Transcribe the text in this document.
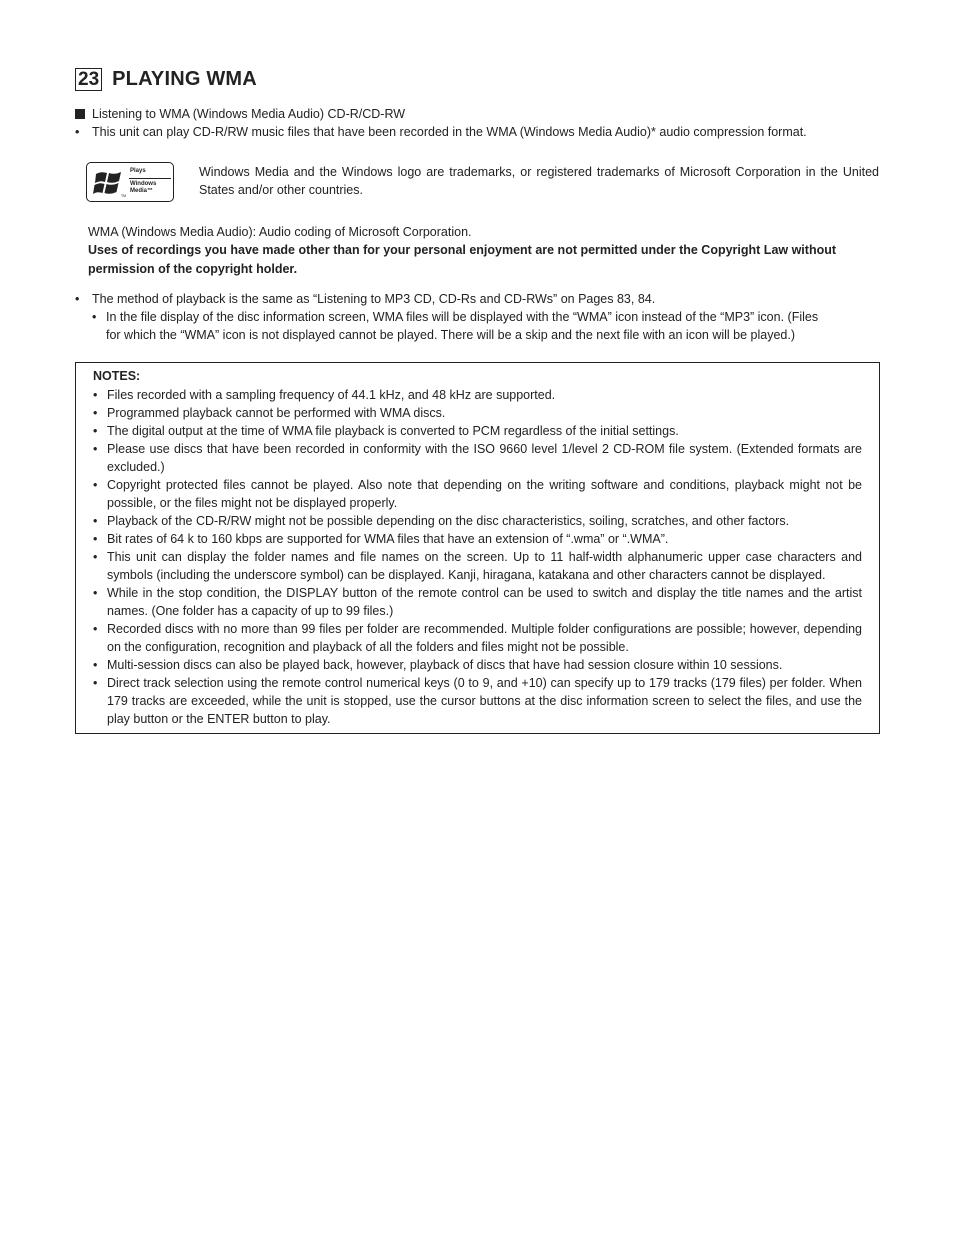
23 PLAYING WMA
Listening to WMA (Windows Media Audio) CD-R/CD-RW
• This unit can play CD-R/RW music files that have been recorded in the WMA (Windows Media Audio)* audio compression format.
TM
Plays
Windows
Media™
Windows Media and the Windows logo are trademarks, or registered trademarks of Microsoft Corporation in the United States and/or other countries.
WMA (Windows Media Audio): Audio coding of Microsoft Corporation.
Uses of recordings you have made other than for your personal enjoyment are not permitted under the Copyright Law without
permission of the copyright holder.
• The method of playback is the same as “Listening to MP3 CD, CD-Rs and CD-RWs” on Pages 83, 84.
• In the file display of the disc information screen, WMA files will be displayed with the “WMA” icon instead of the “MP3” icon. (Files
for which the “WMA” icon is not displayed cannot be played. There will be a skip and the next file with an icon will be played.)
NOTES:
• Files recorded with a sampling frequency of 44.1 kHz, and 48 kHz are supported.
• Programmed playback cannot be performed with WMA discs.
• The digital output at the time of WMA file playback is converted to PCM regardless of the initial settings.
• Please use discs that have been recorded in conformity with the ISO 9660 level 1/level 2 CD-ROM file system. (Extended formats are excluded.)
• Copyright protected files cannot be played. Also note that depending on the writing software and conditions, playback might not be possible, or the files might not be displayed properly.
• Playback of the CD-R/RW might not be possible depending on the disc characteristics, soiling, scratches, and other factors.
• Bit rates of 64 k to 160 kbps are supported for WMA files that have an extension of “.wma” or “.WMA”.
• This unit can display the folder names and file names on the screen. Up to 11 half-width alphanumeric upper case characters and symbols (including the underscore symbol) can be displayed. Kanji, hiragana, katakana and other characters cannot be displayed.
• While in the stop condition, the DISPLAY button of the remote control can be used to switch and display the title names and the artist names. (One folder has a capacity of up to 99 files.)
• Recorded discs with no more than 99 files per folder are recommended. Multiple folder configurations are possible; however, depending on the configuration, recognition and playback of all the folders and files might not be possible.
• Multi-session discs can also be played back, however, playback of discs that have had session closure within 10 sessions.
• Direct track selection using the remote control numerical keys (0 to 9, and +10) can specify up to 179 tracks (179 files) per folder. When 179 tracks are exceeded, while the unit is stopped, use the cursor buttons at the disc information screen to select the files, and use the play button or the ENTER button to play.
